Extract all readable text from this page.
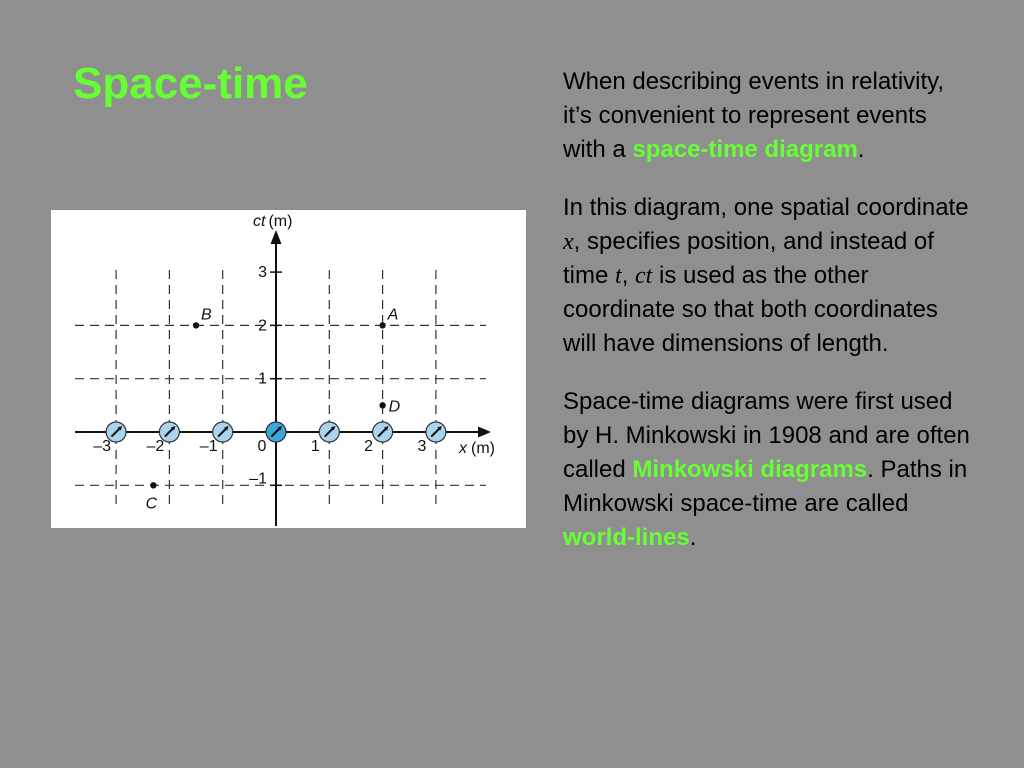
Space-time
ct (m)
x (m)
–1
1
2
3
–3 –2 –1 0	1	2	3
A
B
C
D

When describing events in relativity, it’s convenient to represent events with a space-time diagram.

In this diagram, one spatial coordinate x, specifies position, and instead of time t, ct is used as the other coordinate so that both coordinates will have dimensions of length.

Space-time diagrams were first used by H. Minkowski in 1908 and are often called Minkowski diagrams. Paths in Minkowski space-time are called world-lines.
